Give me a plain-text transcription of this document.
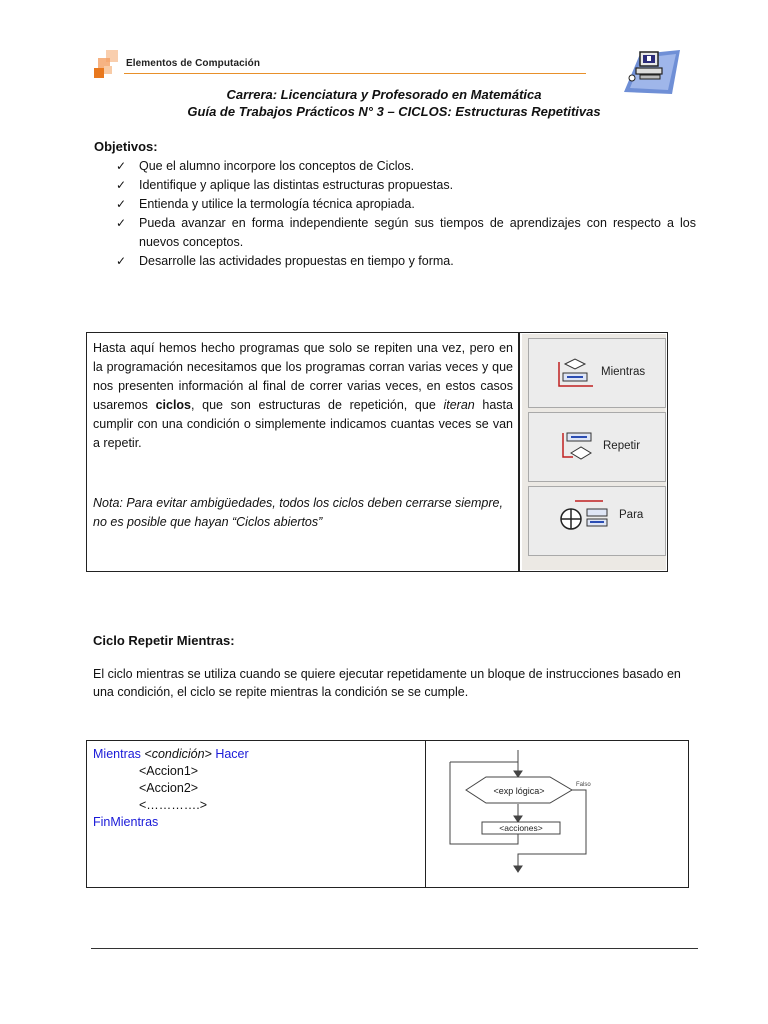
Elementos de Computación
Carrera: Licenciatura y Profesorado en Matemática
Guía de Trabajos Prácticos N° 3 – CICLOS: Estructuras Repetitivas
Objetivos:
✓ Que el alumno incorpore los conceptos de Ciclos.
✓ Identifique y aplique las distintas estructuras propuestas.
✓ Entienda y utilice la termología técnica apropiada.
✓ Pueda avanzar en forma independiente según sus tiempos de aprendizajes con respecto a los nuevos conceptos.
✓ Desarrolle las actividades propuestas en tiempo y forma.
Hasta aquí hemos hecho programas que solo se repiten una vez, pero en la programación necesitamos que los programas corran varias veces y que nos presenten información al final de correr varias veces, en estos casos usaremos ciclos, que son estructuras de repetición, que iteran hasta cumplir con una condición o simplemente indicamos cuantas veces se van a repetir.
Nota: Para evitar ambigüedades, todos los ciclos deben cerrarse siempre, no es posible que hayan “Ciclos abiertos”
Mientras
Repetir
Para
Ciclo Repetir Mientras:
El ciclo mientras se utiliza cuando se quiere ejecutar repetidamente un bloque de instrucciones basado en una condición, el ciclo se repite mientras la condición se se cumple.
Mientras <condición> Hacer
<Accion1>
<Accion2>
<………….>
FinMientras
<exp lógica>
Falso
<acciones>
